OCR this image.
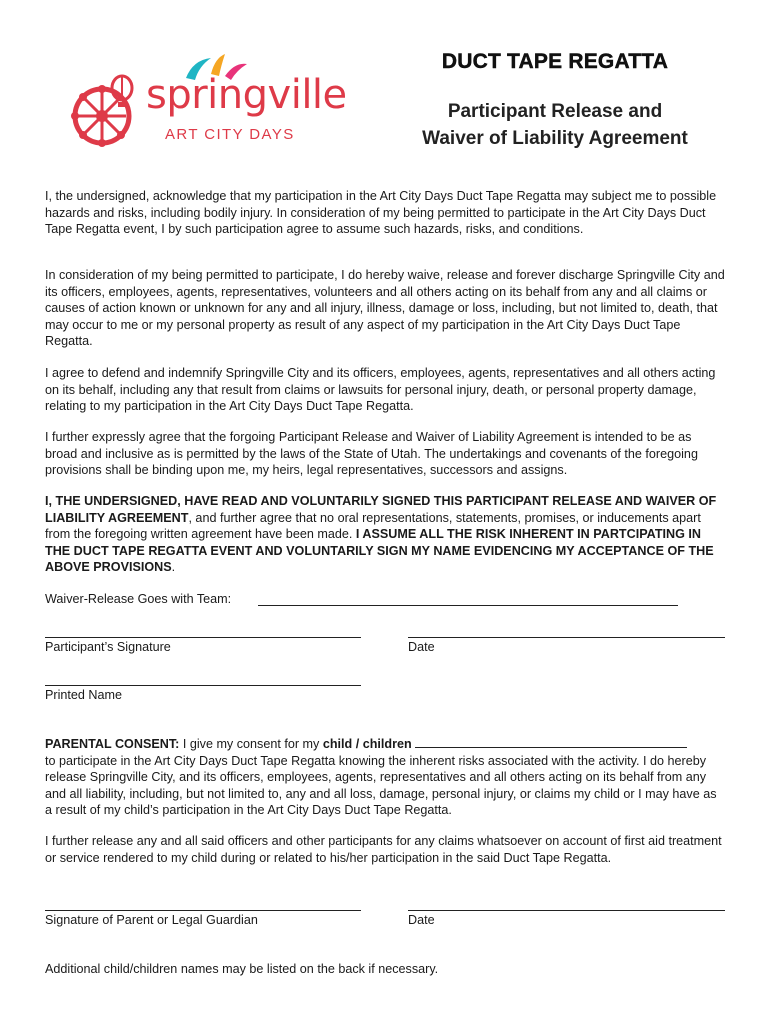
springville
ART CITY DAYS
DUCT TAPE REGATTA
Participant Release and
Waiver of Liability Agreement

I, the undersigned, acknowledge that my participation in the Art City Days Duct Tape Regatta may subject me to possible hazards and risks, including bodily injury. In consideration of my being permitted to participate in the Art City Days Duct Tape Regatta event, I by such participation agree to assume such hazards, risks, and conditions.

In consideration of my being permitted to participate, I do hereby waive, release and forever discharge Springville City and its officers, employees, agents, representatives, volunteers and all others acting on its behalf from any and all claims or causes of action known or unknown for any and all injury, illness, damage or loss, including, but not limited to, death, that may occur to me or my personal property as result of any aspect of my participation in the Art City Days Duct Tape Regatta.

I agree to defend and indemnify Springville City and its officers, employees, agents, representatives and all others acting on its behalf, including any that result from claims or lawsuits for personal injury, death, or personal property damage, relating to my participation in the Art City Days Duct Tape Regatta.

I further expressly agree that the forgoing Participant Release and Waiver of Liability Agreement is intended to be as broad and inclusive as is permitted by the laws of the State of Utah. The undertakings and covenants of the foregoing provisions shall be binding upon me, my heirs, legal representatives, successors and assigns.

I, THE UNDERSIGNED, HAVE READ AND VOLUNTARILY SIGNED THIS PARTICIPANT RELEASE AND WAIVER OF LIABILITY AGREEMENT, and further agree that no oral representations, statements, promises, or inducements apart from the foregoing written agreement have been made. I ASSUME ALL THE RISK INHERENT IN PARTCIPATING IN THE DUCT TAPE REGATTA EVENT AND VOLUNTARILY SIGN MY NAME EVIDENCING MY ACCEPTANCE OF THE ABOVE PROVISIONS.

Waiver-Release Goes with Team:
Participant’s Signature	Date
Printed Name

PARENTAL CONSENT: I give my consent for my child / children
to participate in the Art City Days Duct Tape Regatta knowing the inherent risks associated with the activity. I do hereby release Springville City, and its officers, employees, agents, representatives and all others acting on its behalf from any and all liability, including, but not limited to, any and all loss, damage, personal injury, or claims my child or I may have as a result of my child’s participation in the Art City Days Duct Tape Regatta.

I further release any and all said officers and other participants for any claims whatsoever on account of first aid treatment or service rendered to my child during or related to his/her participation in the said Duct Tape Regatta.

Signature of Parent or Legal Guardian	Date
Additional child/children names may be listed on the back if necessary.
